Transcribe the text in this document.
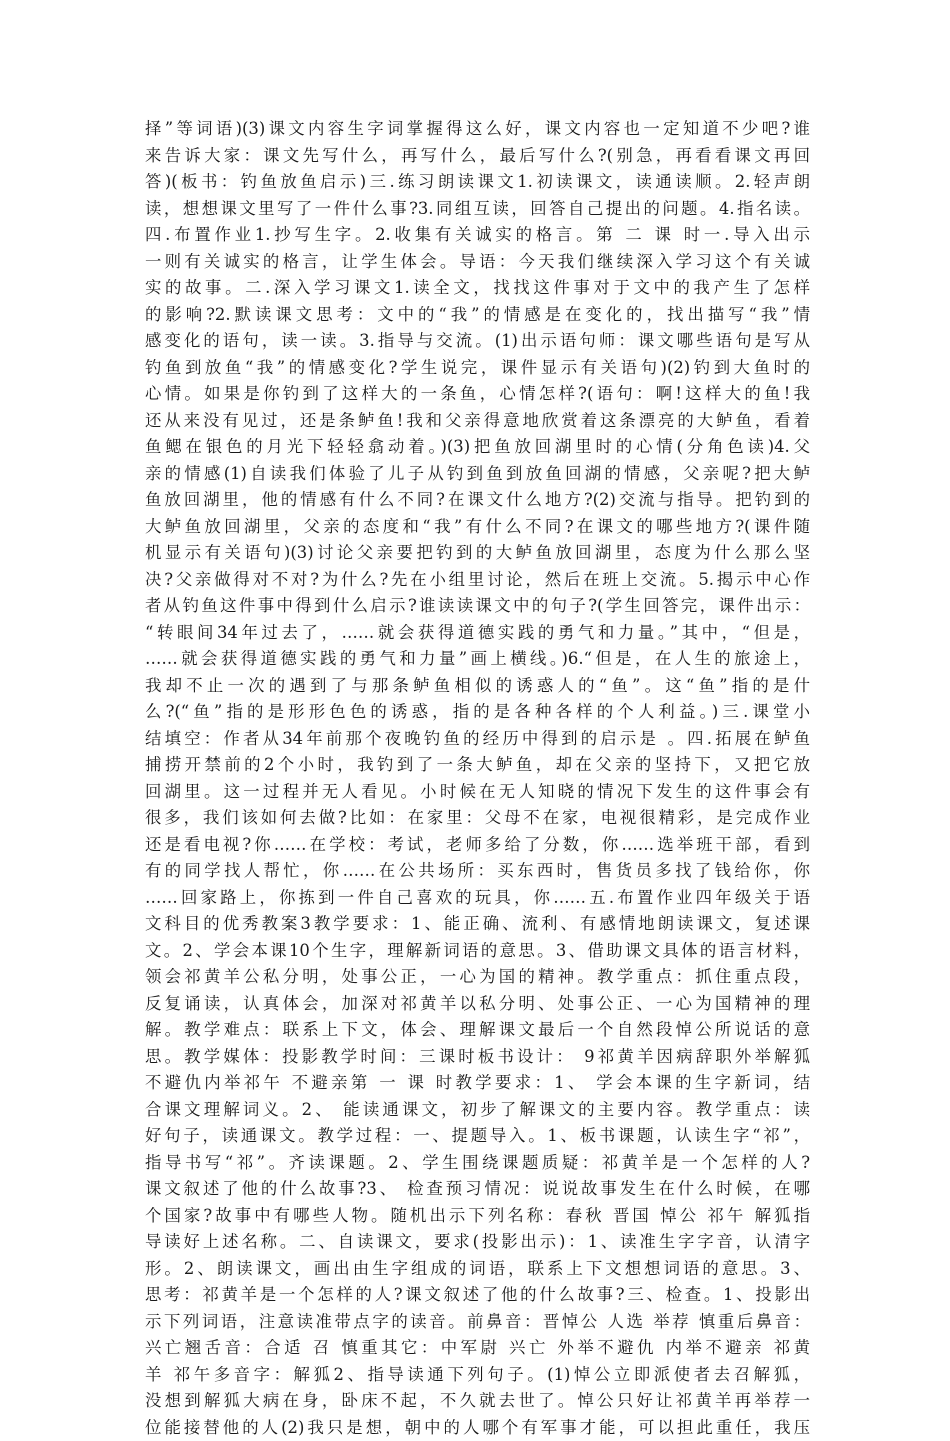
择”等词语)(3)课文内容生字词掌握得这么好，课文内容也一定知道不少吧?谁
来告诉大家：课文先写什么，再写什么，最后写什么?(别急，再看看课文再回
答)(板书：钓鱼放鱼启示)三.练习朗读课文1.初读课文，读通读顺。2.轻声朗
读，想想课文里写了一件什么事?3.同组互读，回答自己提出的问题。4.指名读。
四.布置作业1.抄写生字。2.收集有关诚实的格言。第 二 课 时一.导入出示
一则有关诚实的格言，让学生体会。导语：今天我们继续深入学习这个有关诚
实的故事。二.深入学习课文1.读全文，找找这件事对于文中的我产生了怎样
的影响?2.默读课文思考：文中的“我”的情感是在变化的，找出描写“我”情
感变化的语句，读一读。3.指导与交流。(1)出示语句师：课文哪些语句是写从
钓鱼到放鱼“我”的情感变化?学生说完，课件显示有关语句)(2)钓到大鱼时的
心情。如果是你钓到了这样大的一条鱼，心情怎样?(语句：啊!这样大的鱼!我
还从来没有见过，还是条鲈鱼!我和父亲得意地欣赏着这条漂亮的大鲈鱼，看着
鱼鳃在银色的月光下轻轻翕动着。)(3)把鱼放回湖里时的心情(分角色读)4.父
亲的情感(1)自读我们体验了儿子从钓到鱼到放鱼回湖的情感，父亲呢?把大鲈
鱼放回湖里，他的情感有什么不同?在课文什么地方?(2)交流与指导。把钓到的
大鲈鱼放回湖里，父亲的态度和“我”有什么不同?在课文的哪些地方?(课件随
机显示有关语句)(3)讨论父亲要把钓到的大鲈鱼放回湖里，态度为什么那么坚
决?父亲做得对不对?为什么?先在小组里讨论，然后在班上交流。5.揭示中心作
者从钓鱼这件事中得到什么启示?谁读读课文中的句子?(学生回答完，课件出示：
“转眼间34年过去了，……就会获得道德实践的勇气和力量。”其中，“但是，
……就会获得道德实践的勇气和力量”画上横线。)6.“但是，在人生的旅途上，
我却不止一次的遇到了与那条鲈鱼相似的诱惑人的“鱼”。这“鱼”指的是什
么?(“鱼”指的是形形色色的诱惑，指的是各种各样的个人利益。)三.课堂小
结填空：作者从34年前那个夜晚钓鱼的经历中得到的启示是 。四.拓展在鲈鱼
捕捞开禁前的2个小时，我钓到了一条大鲈鱼，却在父亲的坚持下，又把它放
回湖里。这一过程并无人看见。小时候在无人知晓的情况下发生的这件事会有
很多，我们该如何去做?比如：在家里：父母不在家，电视很精彩，是完成作业
还是看电视?你……在学校：考试，老师多给了分数，你……选举班干部，看到
有的同学找人帮忙，你……在公共场所：买东西时，售货员多找了钱给你，你
……回家路上，你拣到一件自己喜欢的玩具，你……五.布置作业四年级关于语
文科目的优秀教案3教学要求：1、能正确、流利、有感情地朗读课文，复述课
文。2、学会本课10个生字，理解新词语的意思。3、借助课文具体的语言材料，
领会祁黄羊公私分明，处事公正，一心为国的精神。教学重点：抓住重点段，
反复诵读，认真体会，加深对祁黄羊以私分明、处事公正、一心为国精神的理
解。教学难点：联系上下文，体会、理解课文最后一个自然段悼公所说话的意
思。教学媒体：投影教学时间：三课时板书设计： 9祁黄羊因病辞职外举解狐
不避仇内举祁午 不避亲第 一 课 时教学要求：1、 学会本课的生字新词，结
合课文理解词义。2、 能读通课文，初步了解课文的主要内容。教学重点：读
好句子，读通课文。教学过程：一、提题导入。1、板书课题，认读生字“祁”，
指导书写“祁”。齐读课题。2、学生围绕课题质疑：祁黄羊是一个怎样的人?
课文叙述了他的什么故事?3、 检查预习情况：说说故事发生在什么时候，在哪
个国家?故事中有哪些人物。随机出示下列名称：春秋 晋国 悼公 祁午 解狐指
导读好上述名称。二、自读课文，要求(投影出示)：1、读准生字字音，认清字
形。2、朗读课文，画出由生字组成的词语，联系上下文想想词语的意思。3、
思考：祁黄羊是一个怎样的人?课文叙述了他的什么故事?三、检查。1、投影出
示下列词语，注意读准带点字的读音。前鼻音：晋悼公 人选 举荐 慎重后鼻音：
兴亡翘舌音：合适 召 慎重其它：中军尉 兴亡 外举不避仇 内举不避亲 祁黄
羊 祁午多音字：解狐2、指导读通下列句子。(1)悼公立即派使者去召解狐，
没想到解狐大病在身，卧床不起，不久就去世了。悼公只好让祁黄羊再举荐一
位能接替他的人(2)我只是想，朝中的人哪个有军事才能，可以担此重任，我压
